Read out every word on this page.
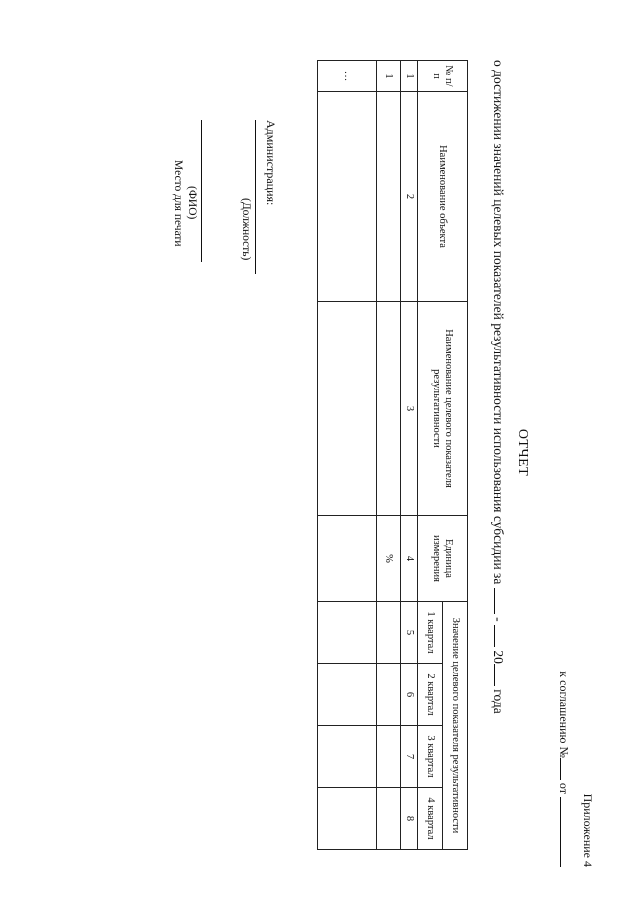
Приложение 4
к соглашению № от
ОТЧЕТ
о достижении значений целевых показателей результативности использования субсидии за  -  20 года
№ п/п	Наименование объекта	Наименование целевого показателя результативности	Единица измерения	Значение целевого показателя результативности			
				1 квартал	2 квартал	3 квартал	4 квартал
1	2	3	4	5	6	7	8
1			%				
…							
Администрация:
(Должность)
(ФИО)
Место для печати
